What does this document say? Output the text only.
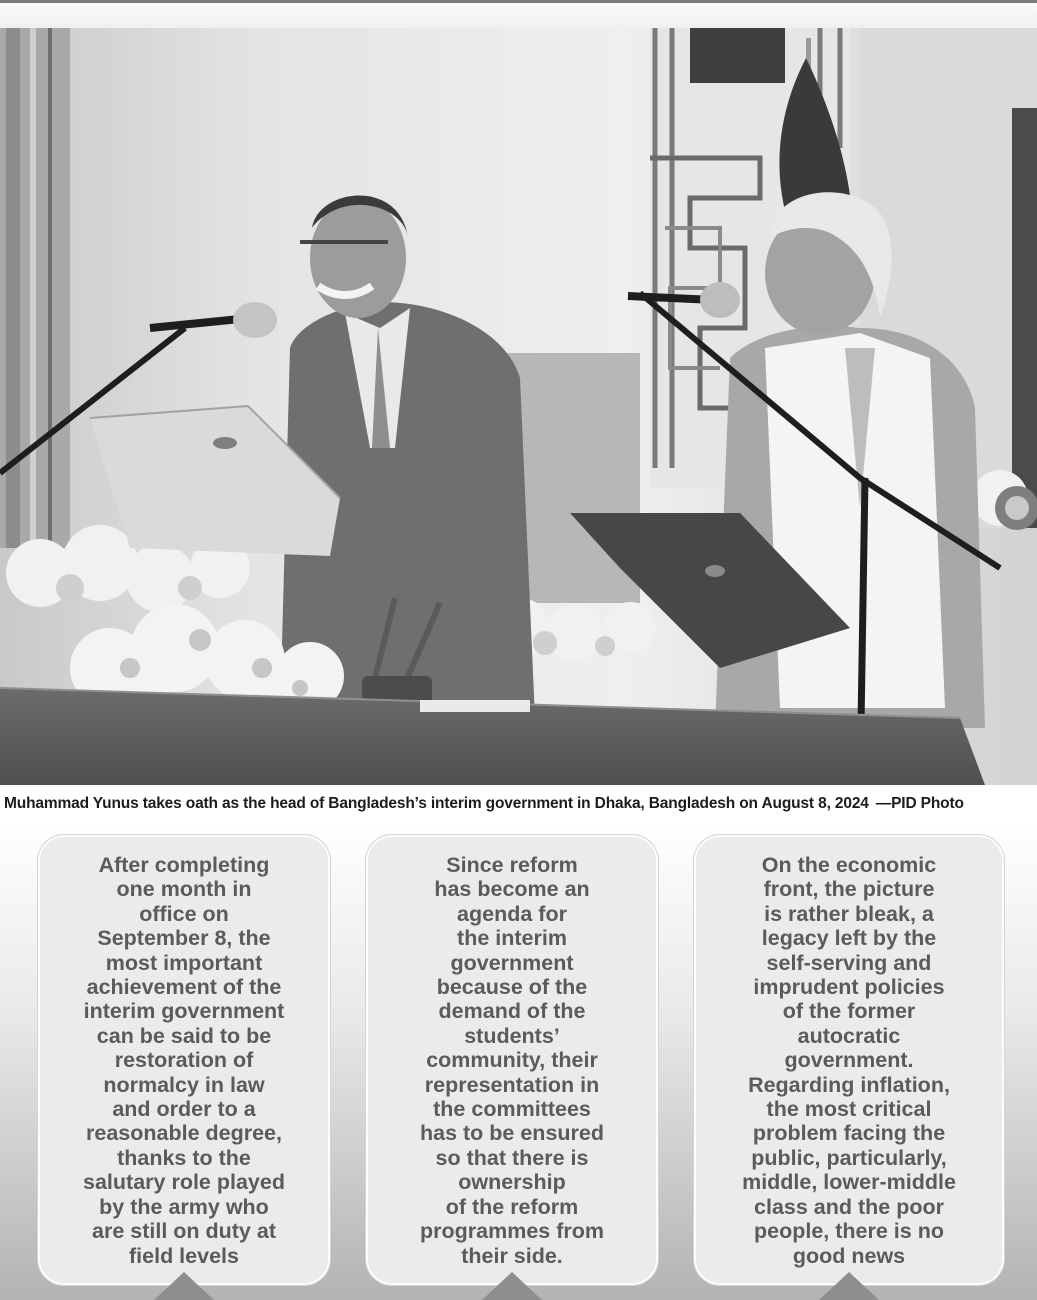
Muhammad Yunus takes oath as the head of Bangladesh’s interim government in Dhaka, Bangladesh on August 8, 2024 —PID Photo

After completing
one month in
office on
September 8, the
most important
achievement of the
interim government
can be said to be
restoration of
normalcy in law
and order to a
reasonable degree,
thanks to the
salutary role played
by the army who
are still on duty at
field levels

Since reform
has become an
agenda for
the interim
government
because of the
demand of the
students’
community, their
representation in
the committees
has to be ensured
so that there is
ownership
of the reform
programmes from
their side.

On the economic
front, the picture
is rather bleak, a
legacy left by the
self-serving and
imprudent policies
of the former
autocratic
government.
Regarding inflation,
the most critical
problem facing the
public, particularly,
middle, lower-middle
class and the poor
people, there is no
good news
